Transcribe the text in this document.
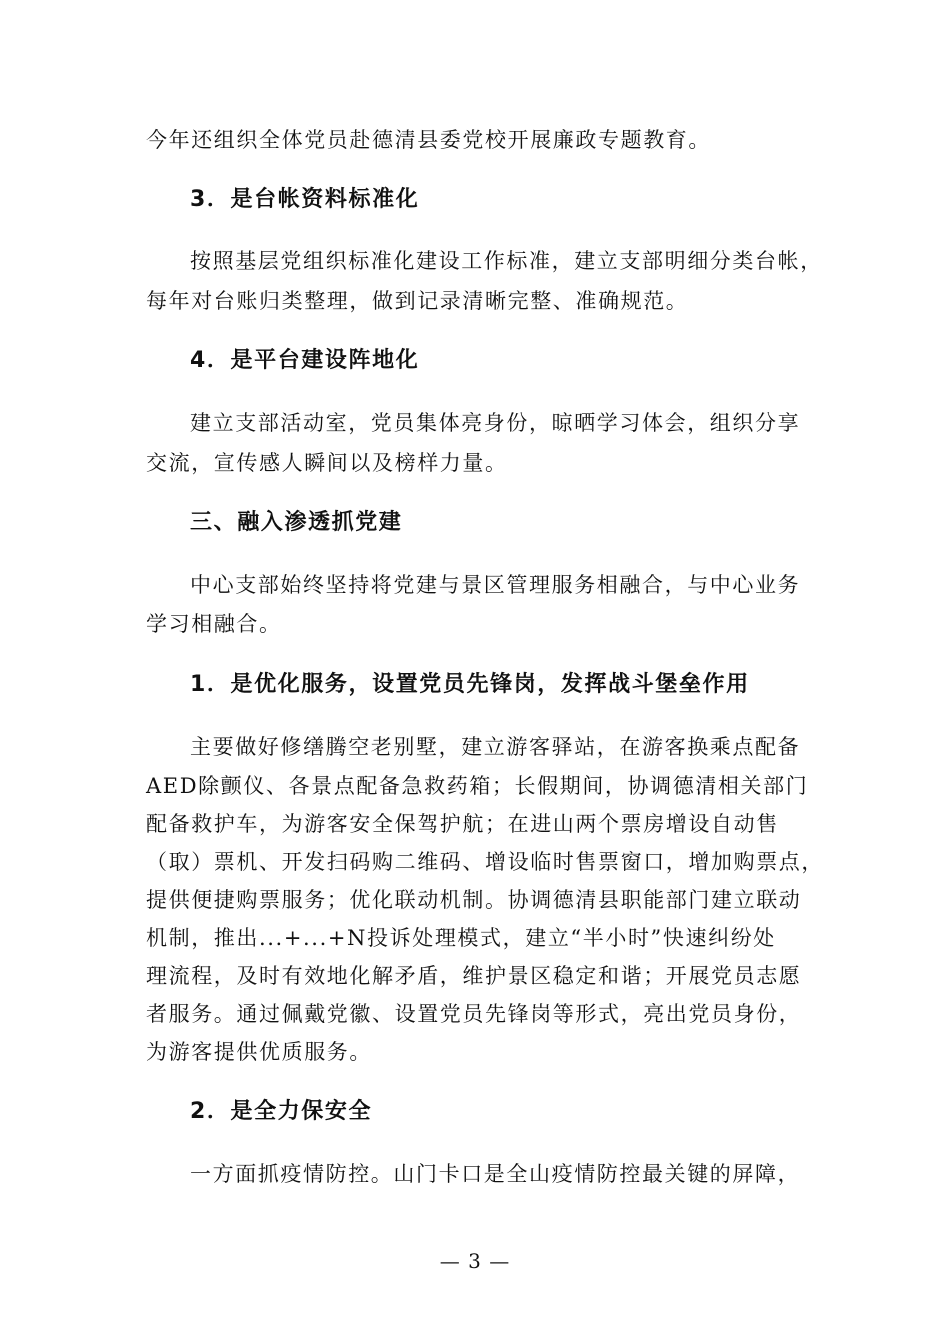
今年还组织全体党员赴德清县委党校开展廉政专题教育。
3．是台帐资料标准化
按照基层党组织标准化建设工作标准，建立支部明细分类台帐，
每年对台账归类整理，做到记录清晰完整、准确规范。
4．是平台建设阵地化
建立支部活动室，党员集体亮身份，晾晒学习体会，组织分享
交流，宣传感人瞬间以及榜样力量。
三、融入渗透抓党建
中心支部始终坚持将党建与景区管理服务相融合，与中心业务
学习相融合。
1．是优化服务，设置党员先锋岗，发挥战斗堡垒作用
主要做好修缮腾空老别墅，建立游客驿站，在游客换乘点配备
AED除颤仪、各景点配备急救药箱；长假期间，协调德清相关部门
配备救护车，为游客安全保驾护航；在进山两个票房增设自动售
（取）票机、开发扫码购二维码、增设临时售票窗口，增加购票点，
提供便捷购票服务；优化联动机制。协调德清县职能部门建立联动
机制，推出...+...+N投诉处理模式，建立“半小时”快速纠纷处
理流程，及时有效地化解矛盾，维护景区稳定和谐；开展党员志愿
者服务。通过佩戴党徽、设置党员先锋岗等形式，亮出党员身份，
为游客提供优质服务。
2．是全力保安全
一方面抓疫情防控。山门卡口是全山疫情防控最关键的屏障，
— 3 —
